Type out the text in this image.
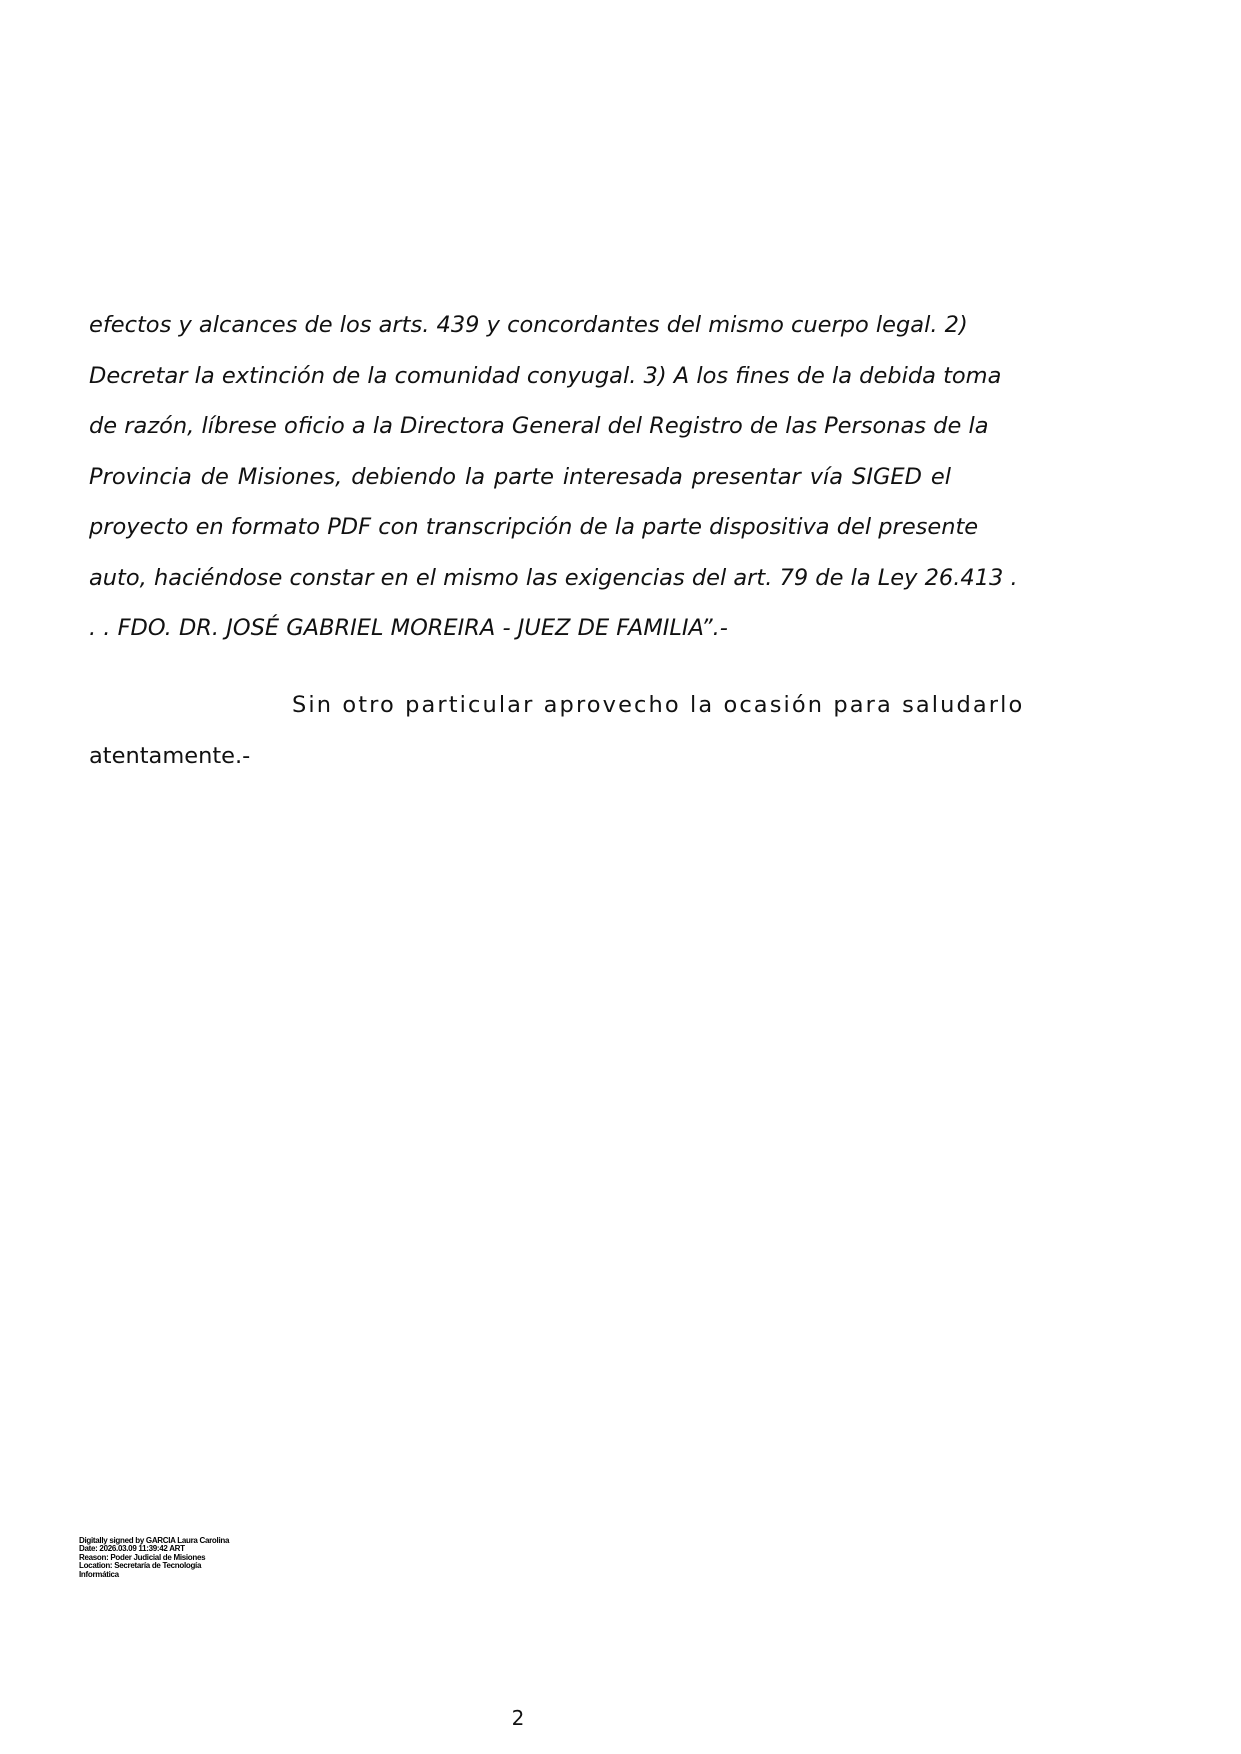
efectos y alcances de los arts. 439 y concordantes del mismo cuerpo legal. 2)
Decretar la extinción de la comunidad conyugal. 3) A los fines de la debida toma
de razón, líbrese oficio a la Directora General del Registro de las Personas de la
Provincia de Misiones, debiendo la parte interesada presentar vía SIGED el
proyecto en formato PDF con transcripción de la parte dispositiva del presente
auto, haciéndose constar en el mismo las exigencias del art. 79 de la Ley 26.413 .
. . FDO. DR. JOSÉ GABRIEL MOREIRA - JUEZ DE FAMILIA”.-
Sin otro particular aprovecho la ocasión para saludarlo
atentamente.-
Digitally signed by GARCIA Laura Carolina
Date: 2026.03.09 11:39:42 ART
Reason: Poder Judicial de Misiones
Location: Secretaría de Tecnología
Informática
2
